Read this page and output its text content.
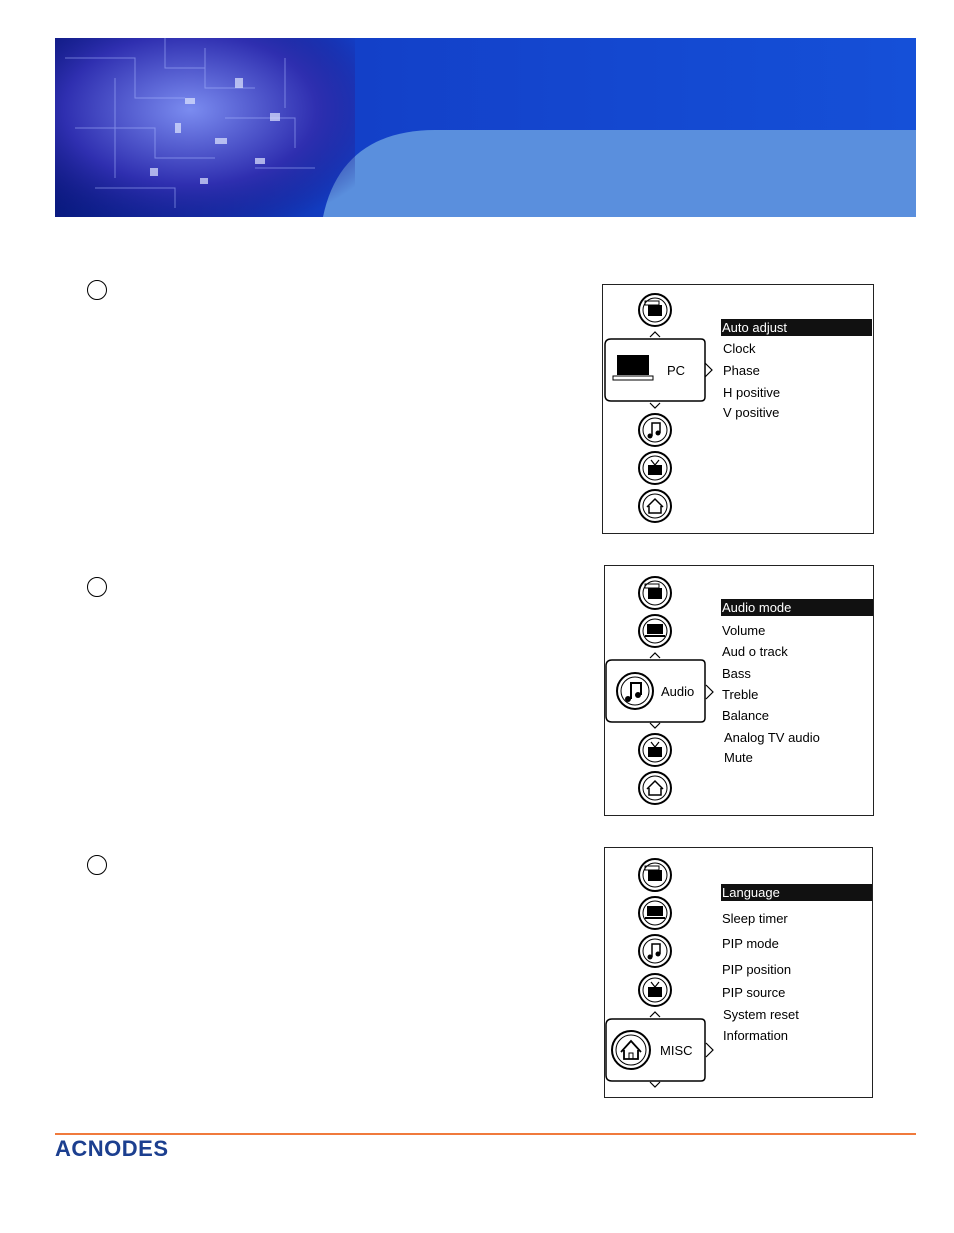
PC
Auto adjust
Clock
Phase
H positive
V positive
Audio
Audio mode
Volume
Aud o track
Bass
Treble
Balance
Analog TV audio
Mute
MISC
Language
Sleep timer
PIP mode
PIP position
PIP source
System reset
Information
ACNODES
